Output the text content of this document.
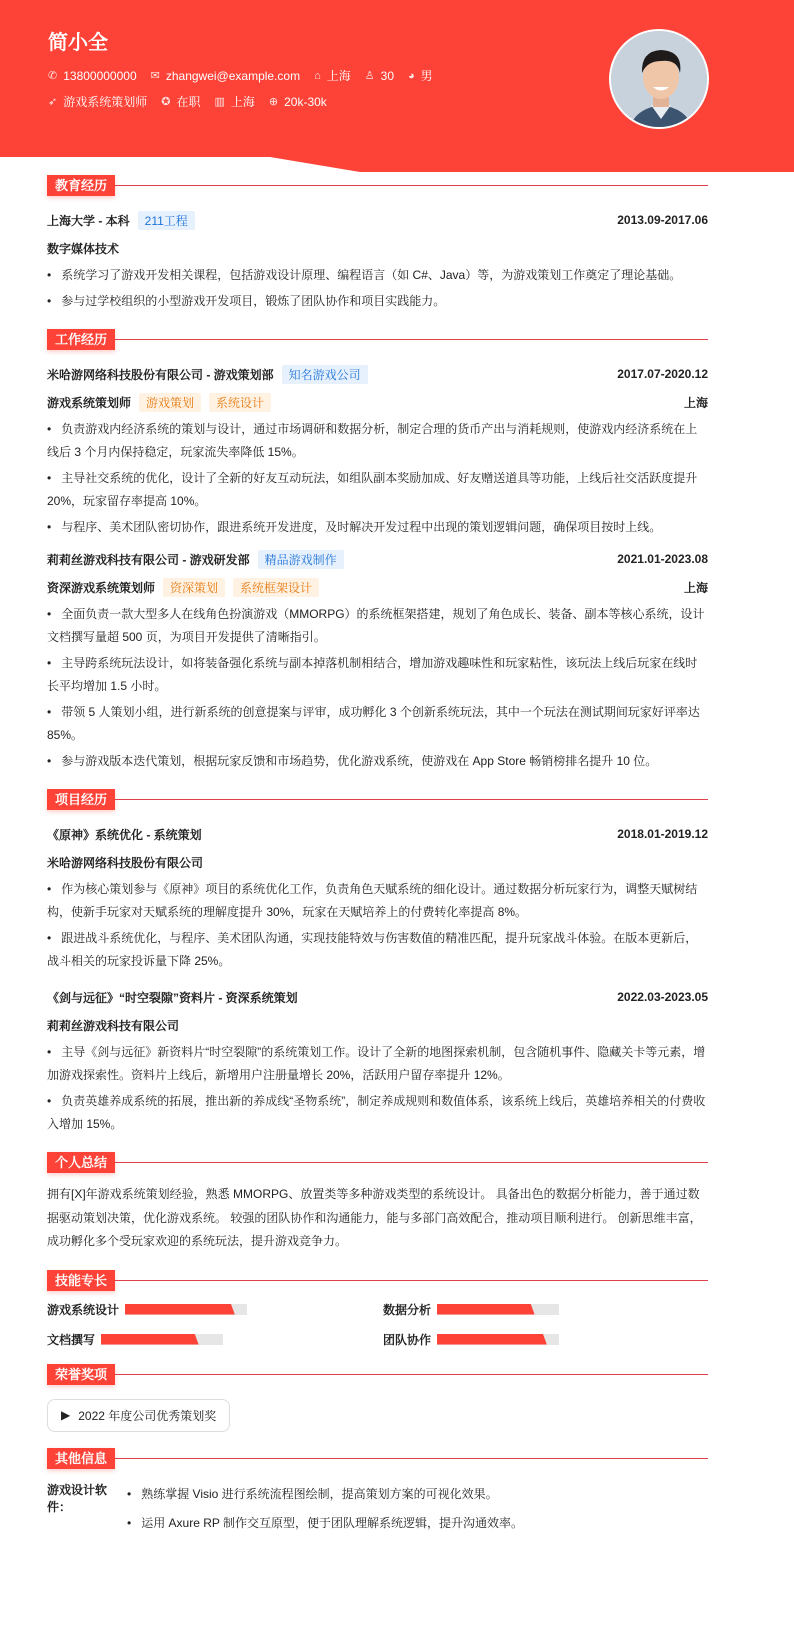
简小全
✆ 13800000000 ✉ zhangwei@example.com ⌂ 上海 ♙ 30 ◕ 男
➶ 游戏系统策划师 ✪ 在职 ▥ 上海 ⊕ 20k-30k
教育经历
上海大学 - 本科	211工程	2013.09-2017.06
数字媒体技术
• 系统学习了游戏开发相关课程，包括游戏设计原理、编程语言（如 C#、Java）等，为游戏策划工作奠定了理论基础。
• 参与过学校组织的小型游戏开发项目，锻炼了团队协作和项目实践能力。
工作经历
米哈游网络科技股份有限公司 - 游戏策划部	知名游戏公司	2017.07-2020.12
游戏系统策划师	游戏策划	系统设计	上海
• 负责游戏内经济系统的策划与设计，通过市场调研和数据分析，制定合理的货币产出与消耗规则，使游戏内经济系统在上线后 3 个月内保持稳定，玩家流失率降低 15%。
• 主导社交系统的优化，设计了全新的好友互动玩法，如组队副本奖励加成、好友赠送道具等功能，上线后社交活跃度提升 20%，玩家留存率提高 10%。
• 与程序、美术团队密切协作，跟进系统开发进度，及时解决开发过程中出现的策划逻辑问题，确保项目按时上线。
莉莉丝游戏科技有限公司 - 游戏研发部	精品游戏制作	2021.01-2023.08
资深游戏系统策划师	资深策划	系统框架设计	上海
• 全面负责一款大型多人在线角色扮演游戏（MMORPG）的系统框架搭建，规划了角色成长、装备、副本等核心系统，设计文档撰写量超 500 页，为项目开发提供了清晰指引。
• 主导跨系统玩法设计，如将装备强化系统与副本掉落机制相结合，增加游戏趣味性和玩家粘性，该玩法上线后玩家在线时长平均增加 1.5 小时。
• 带领 5 人策划小组，进行新系统的创意提案与评审，成功孵化 3 个创新系统玩法，其中一个玩法在测试期间玩家好评率达 85%。
• 参与游戏版本迭代策划，根据玩家反馈和市场趋势，优化游戏系统，使游戏在 App Store 畅销榜排名提升 10 位。
项目经历
《原神》系统优化 - 系统策划	2018.01-2019.12
米哈游网络科技股份有限公司
• 作为核心策划参与《原神》项目的系统优化工作，负责角色天赋系统的细化设计。通过数据分析玩家行为，调整天赋树结构，使新手玩家对天赋系统的理解度提升 30%，玩家在天赋培养上的付费转化率提高 8%。
• 跟进战斗系统优化，与程序、美术团队沟通，实现技能特效与伤害数值的精准匹配，提升玩家战斗体验。在版本更新后，战斗相关的玩家投诉量下降 25%。
《剑与远征》“时空裂隙”资料片 - 资深系统策划	2022.03-2023.05
莉莉丝游戏科技有限公司
• 主导《剑与远征》新资料片“时空裂隙”的系统策划工作。设计了全新的地图探索机制，包含随机事件、隐藏关卡等元素，增加游戏探索性。资料片上线后，新增用户注册量增长 20%，活跃用户留存率提升 12%。
• 负责英雄养成系统的拓展，推出新的养成线“圣物系统”，制定养成规则和数值体系，该系统上线后，英雄培养相关的付费收入增加 15%。
个人总结
拥有[X]年游戏系统策划经验，熟悉 MMORPG、放置类等多种游戏类型的系统设计。 具备出色的数据分析能力，善于通过数据驱动策划决策，优化游戏系统。 较强的团队协作和沟通能力，能与多部门高效配合，推动项目顺利进行。 创新思维丰富，成功孵化多个受玩家欢迎的系统玩法，提升游戏竞争力。
技能专长
游戏系统设计	数据分析
文档撰写	团队协作
荣誉奖项
▶ 2022 年度公司优秀策划奖
其他信息
游戏设计软件：
• 熟练掌握 Visio 进行系统流程图绘制，提高策划方案的可视化效果。
• 运用 Axure RP 制作交互原型，便于团队理解系统逻辑，提升沟通效率。
